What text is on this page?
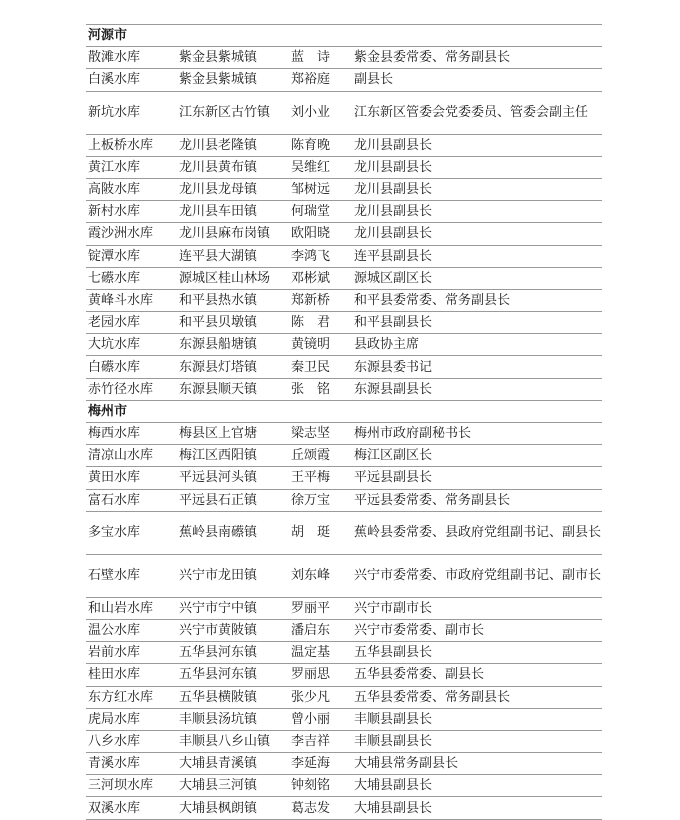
河源市			
散滩水库	紫金县紫城镇	蓝　诗	紫金县委常委、常务副县长
白溪水库	紫金县紫城镇	郑裕庭	副县长
新坑水库	江东新区古竹镇	刘小业	江东新区管委会党委委员、管委会副主任
上板桥水库	龙川县老隆镇	陈育晚	龙川县副县长
黄江水库	龙川县黄布镇	吴维红	龙川县副县长
高陂水库	龙川县龙母镇	邹树远	龙川县副县长
新村水库	龙川县车田镇	何瑞堂	龙川县副县长
霞沙洲水库	龙川县麻布岗镇	欧阳晓	龙川县副县长
锭潭水库	连平县大湖镇	李鸿飞	连平县副县长
七礤水库	源城区桂山林场	邓彬斌	源城区副区长
黄峰斗水库	和平县热水镇	郑新桥	和平县委常委、常务副县长
老园水库	和平县贝墩镇	陈　君	和平县副县长
大坑水库	东源县船塘镇	黄镜明	县政协主席
白礤水库	东源县灯塔镇	秦卫民	东源县委书记
赤竹径水库	东源县顺天镇	张　铭	东源县副县长
梅州市			
梅西水库	梅县区上官塘	梁志坚	梅州市政府副秘书长
清凉山水库	梅江区西阳镇	丘颂霞	梅江区副区长
黄田水库	平远县河头镇	王平梅	平远县副县长
富石水库	平远县石正镇	徐万宝	平远县委常委、常务副县长
多宝水库	蕉岭县南礤镇	胡　珽	蕉岭县委常委、县政府党组副书记、副县长
石壁水库	兴宁市龙田镇	刘东峰	兴宁市委常委、市政府党组副书记、副市长
和山岩水库	兴宁市宁中镇	罗丽平	兴宁市副市长
温公水库	兴宁市黄陂镇	潘启东	兴宁市委常委、副市长
岩前水库	五华县河东镇	温定基	五华县副县长
桂田水库	五华县河东镇	罗丽思	五华县委常委、副县长
东方红水库	五华县横陂镇	张少凡	五华县委常委、常务副县长
虎局水库	丰顺县汤坑镇	曾小丽	丰顺县副县长
八乡水库	丰顺县八乡山镇	李吉祥	丰顺县副县长
青溪水库	大埔县青溪镇	李延海	大埔县常务副县长
三河坝水库	大埔县三河镇	钟刻铭	大埔县副县长
双溪水库	大埔县枫朗镇	葛志发	大埔县副县长
